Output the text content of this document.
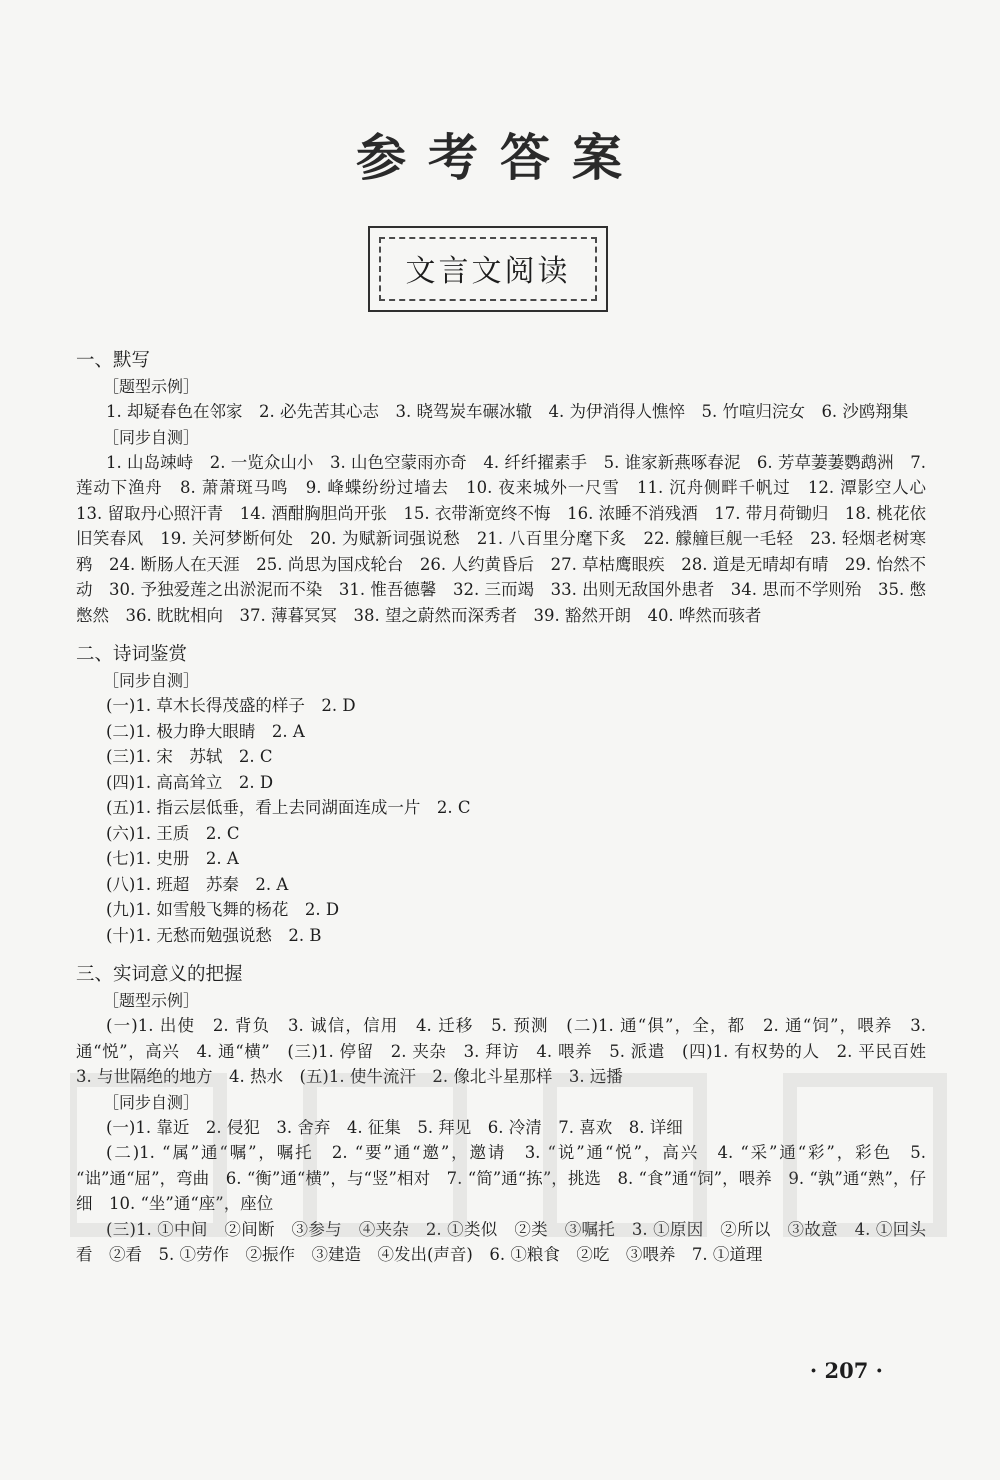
参考答案
文言文阅读
一、默写
［题型示例］

1. 却疑春色在邻家　2. 必先苦其心志　3. 晓驾炭车碾冰辙　4. 为伊消得人憔悴　5. 竹喧归浣女　6. 沙鸥翔集

［同步自测］

1. 山岛竦峙　2. 一览众山小　3. 山色空蒙雨亦奇　4. 纤纤擢素手　5. 谁家新燕啄春泥　6. 芳草萋萋鹦鹉洲　7. 莲动下渔舟　8. 萧萧斑马鸣　9. 峰蝶纷纷过墙去　10. 夜来城外一尺雪　11. 沉舟侧畔千帆过　12. 潭影空人心　13. 留取丹心照汗青　14. 酒酣胸胆尚开张　15. 衣带渐宽终不悔　16. 浓睡不消残酒　17. 带月荷锄归　18. 桃花依旧笑春风　19. 关河梦断何处　20. 为赋新词强说愁　21. 八百里分麾下炙　22. 艨艟巨舰一毛轻　23. 轻烟老树寒鸦　24. 断肠人在天涯　25. 尚思为国戍轮台　26. 人约黄昏后　27. 草枯鹰眼疾　28. 道是无晴却有晴　29. 怡然不动　30. 予独爱莲之出淤泥而不染　31. 惟吾德馨　32. 三而竭　33. 出则无敌国外患者　34. 思而不学则殆　35. 憋憋然　36. 眈眈相向　37. 薄暮冥冥　38. 望之蔚然而深秀者　39. 豁然开朗　40. 哗然而骇者

二、诗词鉴赏
［同步自测］
(一)1. 草木长得茂盛的样子　2. D
(二)1. 极力睁大眼睛　2. A
(三)1. 宋　苏轼　2. C
(四)1. 高高耸立　2. D
(五)1. 指云层低垂，看上去同湖面连成一片　2. C
(六)1. 王质　2. C
(七)1. 史册　2. A
(八)1. 班超　苏秦　2. A
(九)1. 如雪般飞舞的杨花　2. D
(十)1. 无愁而勉强说愁　2. B
三、实词意义的把握
［题型示例］

(一)1. 出使　2. 背负　3. 诚信，信用　4. 迁移　5. 预测　(二)1. 通“俱”，全，都　2. 通“饲”，喂养　3. 通“悦”，高兴　4. 通“横”　(三)1. 停留　2. 夹杂　3. 拜访　4. 喂养　5. 派遣　(四)1. 有权势的人　2. 平民百姓　3. 与世隔绝的地方　4. 热水　(五)1. 使牛流汗　2. 像北斗星那样　3. 远播

［同步自测］

(一)1. 靠近　2. 侵犯　3. 舍弃　4. 征集　5. 拜见　6. 冷清　7. 喜欢　8. 详细

(二)1. “属”通“嘱”，嘱托　2. “要”通“邀”，邀请　3. “说”通“悦”，高兴　4. “采”通“彩”，彩色　5. “诎”通“屈”，弯曲　6. “衡”通“横”，与“竖”相对　7. “简”通“拣”，挑选　8. “食”通“饲”，喂养　9. “孰”通“熟”，仔细　10. “坐”通“座”，座位

(三)1. ①中间　②间断　③参与　④夹杂　2. ①类似　②类　③嘱托　3. ①原因　②所以　③故意　4. ①回头看　②看　5. ①劳作　②振作　③建造　④发出(声音)　6. ①粮食　②吃　③喂养　7. ①道理

· 207 ·
